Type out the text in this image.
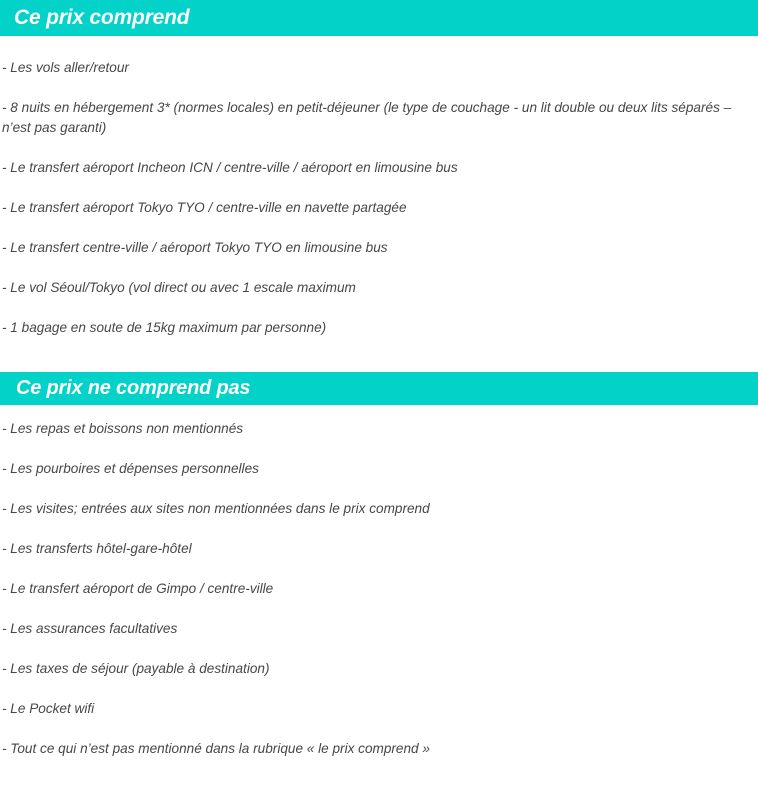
Ce prix comprend
- Les vols aller/retour
- 8 nuits en hébergement 3* (normes locales) en petit-déjeuner (le type de couchage - un lit double ou deux lits séparés – n’est pas garanti)
- Le transfert aéroport Incheon ICN / centre-ville / aéroport en limousine bus
- Le transfert aéroport Tokyo TYO / centre-ville en navette partagée
- Le transfert centre-ville / aéroport Tokyo TYO en limousine bus
- Le vol Séoul/Tokyo (vol direct ou avec 1 escale maximum
- 1 bagage en soute de 15kg maximum par personne)
Ce prix ne comprend pas
- Les repas et boissons non mentionnés
- Les pourboires et dépenses personnelles
- Les visites; entrées aux sites non mentionnées dans le prix comprend
- Les transferts hôtel-gare-hôtel
- Le transfert aéroport de Gimpo / centre-ville
- Les assurances facultatives
- Les taxes de séjour (payable à destination)
- Le Pocket wifi
- Tout ce qui n’est pas mentionné dans la rubrique « le prix comprend »
